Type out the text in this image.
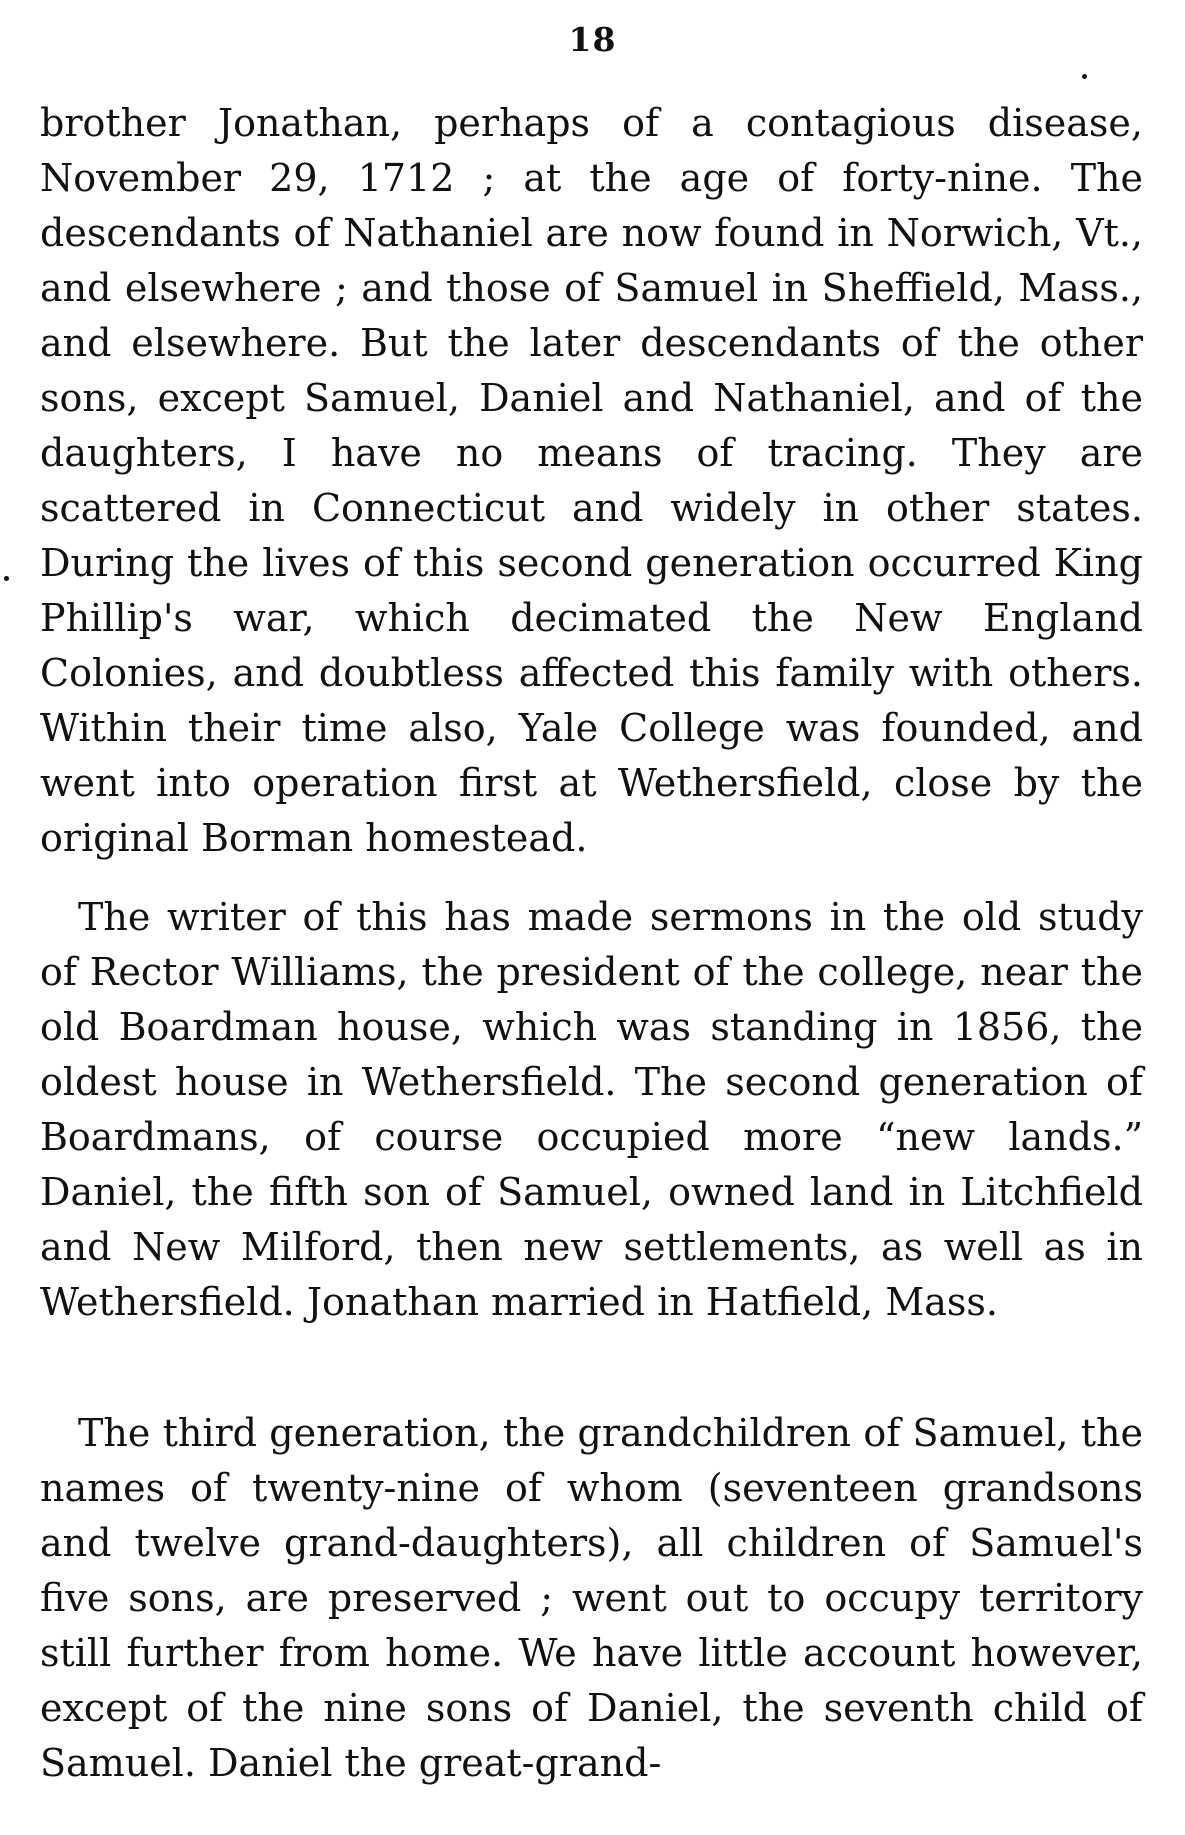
18

brother Jonathan, perhaps of a contagious disease, November 29, 1712 ; at the age of forty-nine. The descendants of Nathaniel are now found in Norwich, Vt., and elsewhere ; and those of Samuel in Sheffield, Mass., and elsewhere. But the later descendants of the other sons, except Samuel, Daniel and Nathaniel, and of the daughters, I have no means of tracing. They are scattered in Connecticut and widely in other states. During the lives of this second generation occurred King Phillip's war, which decimated the New England Colonies, and doubtless affected this family with others. Within their time also, Yale College was founded, and went into operation first at Wethersfield, close by the original Borman homestead.

The writer of this has made sermons in the old study of Rector Williams, the president of the college, near the old Boardman house, which was standing in 1856, the oldest house in Wethersfield. The second generation of Boardmans, of course occupied more “new lands.” Daniel, the fifth son of Samuel, owned land in Litchfield and New Milford, then new settlements, as well as in Wethersfield. Jonathan married in Hatfield, Mass.

The third generation, the grandchildren of Samuel, the names of twenty-nine of whom (seventeen grandsons and twelve grand-daughters), all children of Samuel's five sons, are preserved ; went out to occupy territory still further from home. We have little account however, except of the nine sons of Daniel, the seventh child of Samuel. Daniel the great-grand-
